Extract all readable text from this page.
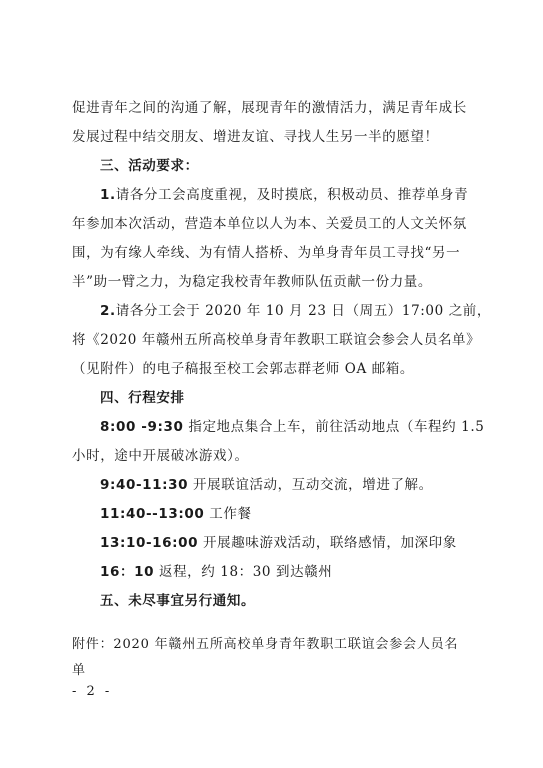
促进青年之间的沟通了解，展现青年的激情活力，满足青年成长
发展过程中结交朋友、增进友谊、寻找人生另一半的愿望！
三、活动要求：
1.请各分工会高度重视，及时摸底，积极动员、推荐单身青
年参加本次活动，营造本单位以人为本、关爱员工的人文关怀氛
围，为有缘人牵线、为有情人搭桥、为单身青年员工寻找“另一
半”助一臂之力，为稳定我校青年教师队伍贡献一份力量。
2.请各分工会于 2020 年 10 月 23 日（周五）17:00 之前，
将《2020 年赣州五所高校单身青年教职工联谊会参会人员名单》
（见附件）的电子稿报至校工会郭志群老师 OA 邮箱。
四、行程安排
8:00 -9:30 指定地点集合上车，前往活动地点（车程约 1.5
小时，途中开展破冰游戏）。
9:40-11:30 开展联谊活动，互动交流，增进了解。
11:40--13:00 工作餐
13:10-16:00 开展趣味游戏活动，联络感情，加深印象
16：10 返程，约 18：30 到达赣州
五、未尽事宜另行通知。
附件：2020 年赣州五所高校单身青年教职工联谊会参会人员名
单
- 2 -
